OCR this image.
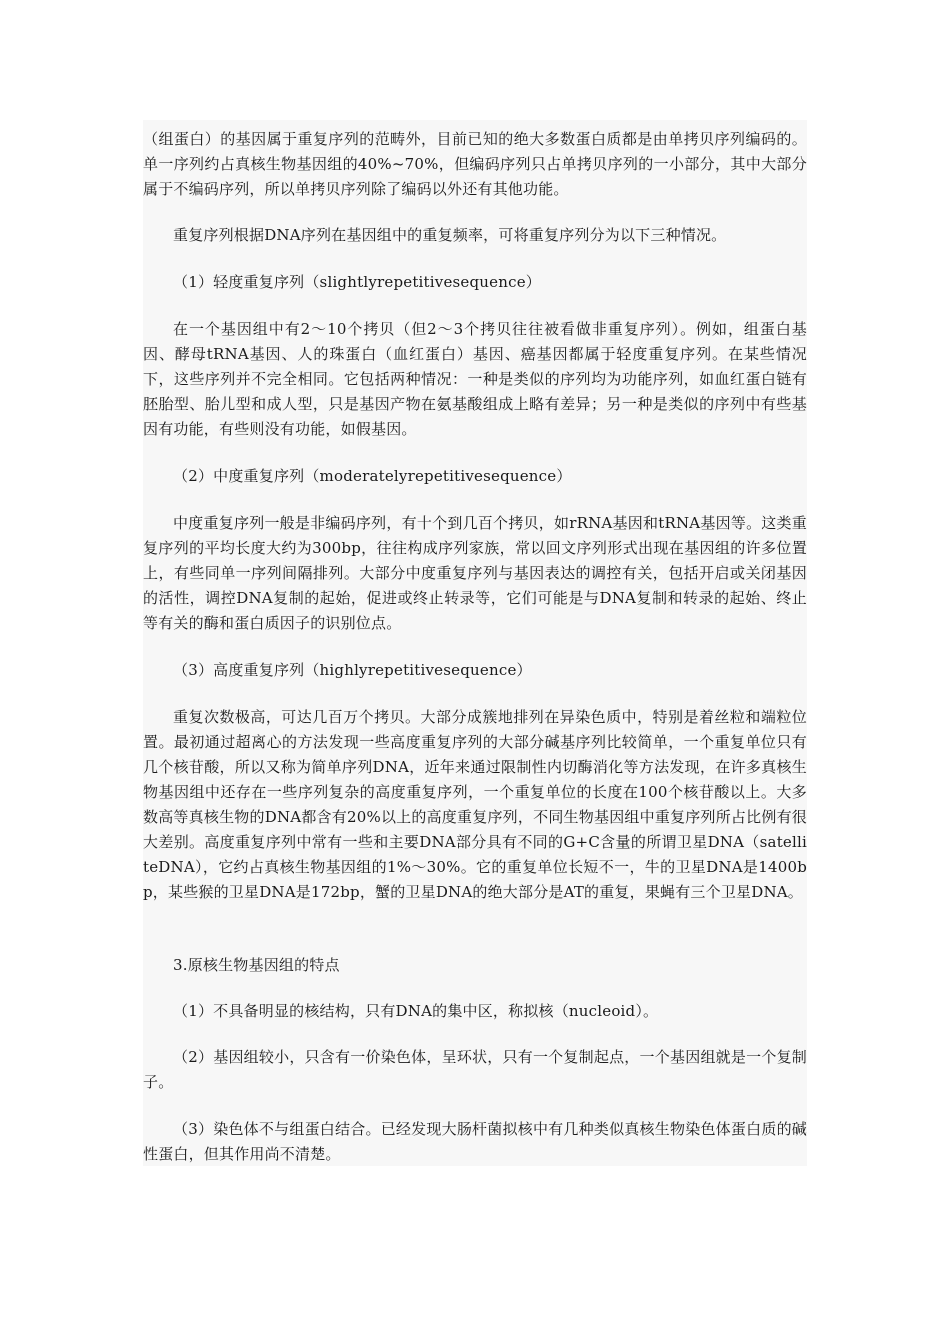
（组蛋白）的基因属于重复序列的范畴外，目前已知的绝大多数蛋白质都是由单拷贝序列编码的。单一序列约占真核生物基因组的40%~70%，但编码序列只占单拷贝序列的一小部分，其中大部分属于不编码序列，所以单拷贝序列除了编码以外还有其他功能。

重复序列根据DNA序列在基因组中的重复频率，可将重复序列分为以下三种情况。

（1）轻度重复序列（slightlyrepetitivesequence）

在一个基因组中有2～10个拷贝（但2～3个拷贝往往被看做非重复序列）。例如，组蛋白基因、酵母tRNA基因、人的珠蛋白（血红蛋白）基因、癌基因都属于轻度重复序列。在某些情况下，这些序列并不完全相同。它包括两种情况：一种是类似的序列均为功能序列，如血红蛋白链有胚胎型、胎儿型和成人型，只是基因产物在氨基酸组成上略有差异；另一种是类似的序列中有些基因有功能，有些则没有功能，如假基因。

（2）中度重复序列（moderatelyrepetitivesequence）

中度重复序列一般是非编码序列，有十个到几百个拷贝，如rRNA基因和tRNA基因等。这类重复序列的平均长度大约为300bp，往往构成序列家族，常以回文序列形式出现在基因组的许多位置上，有些同单一序列间隔排列。大部分中度重复序列与基因表达的调控有关，包括开启或关闭基因的活性，调控DNA复制的起始，促进或终止转录等，它们可能是与DNA复制和转录的起始、终止等有关的酶和蛋白质因子的识别位点。

（3）高度重复序列（highlyrepetitivesequence）

重复次数极高，可达几百万个拷贝。大部分成簇地排列在异染色质中，特别是着丝粒和端粒位置。最初通过超离心的方法发现一些高度重复序列的大部分碱基序列比较简单，一个重复单位只有几个核苷酸，所以又称为简单序列DNA，近年来通过限制性内切酶消化等方法发现，在许多真核生物基因组中还存在一些序列复杂的高度重复序列，一个重复单位的长度在100个核苷酸以上。大多数高等真核生物的DNA都含有20%以上的高度重复序列，不同生物基因组中重复序列所占比例有很大差别。高度重复序列中常有一些和主要DNA部分具有不同的G+C含量的所谓卫星DNA（satelliteDNA），它约占真核生物基因组的1%～30%。它的重复单位长短不一，牛的卫星DNA是1400bp，某些猴的卫星DNA是172bp，蟹的卫星DNA的绝大部分是AT的重复，果蝇有三个卫星DNA。

3.原核生物基因组的特点

（1）不具备明显的核结构，只有DNA的集中区，称拟核（nucleoid）。

（2）基因组较小，只含有一价染色体，呈环状，只有一个复制起点，一个基因组就是一个复制子。

（3）染色体不与组蛋白结合。已经发现大肠杆菌拟核中有几种类似真核生物染色体蛋白质的碱性蛋白，但其作用尚不清楚。
